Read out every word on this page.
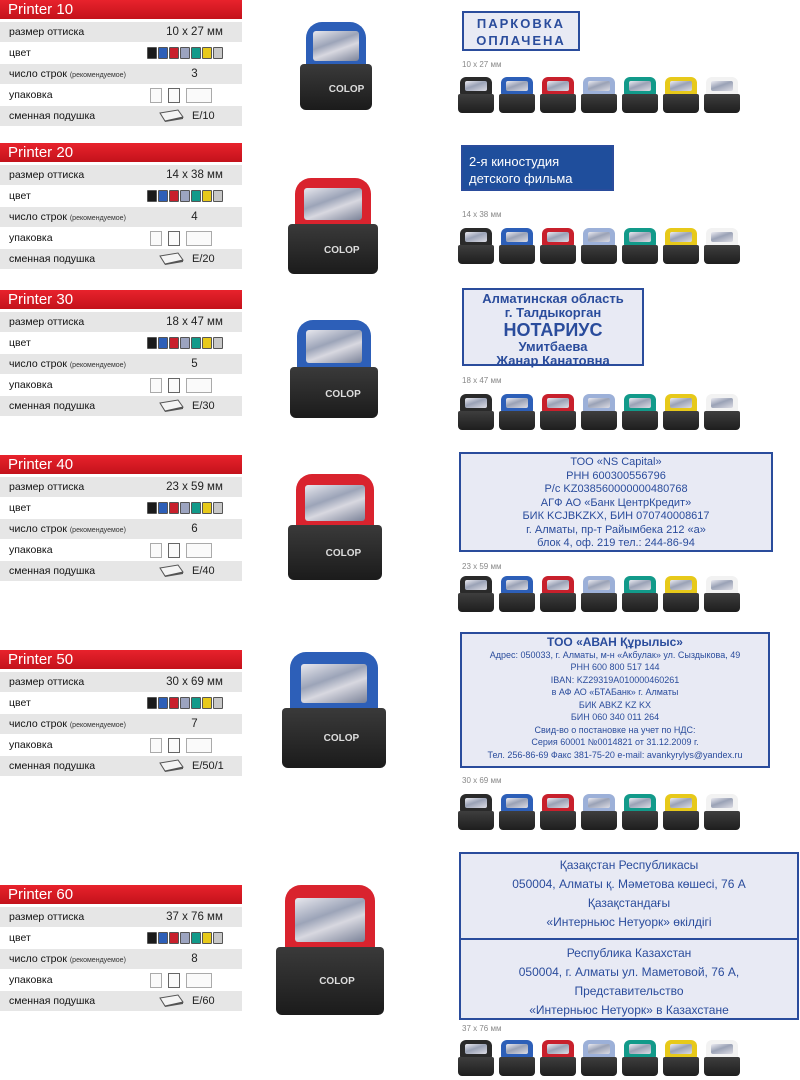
Printer 10
размер оттиска	10 x 27 мм
цвет
число строк (рекомендуемое)	3
упаковка
сменная подушка	E/10
COLOP
ПАРКОВКА
ОПЛАЧЕНА
10 x 27 мм
Printer 20
размер оттиска	14 x 38 мм
цвет
число строк (рекомендуемое)	4
упаковка
сменная подушка	E/20
COLOP
2-я киностудия
детского фильма
14 x 38 мм
Printer 30
размер оттиска	18 x 47 мм
цвет
число строк (рекомендуемое)	5
упаковка
сменная подушка	E/30
COLOP
Алматинская область
г. Талдыкорган
НОТАРИУС
Умитбаева
Жанар Канатовна
18 x 47 мм
Printer 40
размер оттиска	23 x 59 мм
цвет
число строк (рекомендуемое)	6
упаковка
сменная подушка	E/40
COLOP
ТОО «NS Capital»
РНН 600300556796
Р/с KZ038560000000480768
АГФ АО «Банк ЦентрКредит»
БИК KCJBKZKX, БИН 070740008617
г. Алматы, пр-т Райымбека 212 «а»
блок 4, оф. 219 тел.: 244-86-94
23 x 59 мм
Printer 50
размер оттиска	30 x 69 мм
цвет
число строк (рекомендуемое)	7
упаковка
сменная подушка	E/50/1
COLOP
ТОО «АВАН Құрылыс»
Адрес: 050033, г. Алматы, м-н «Акбулак» ул. Сыздыкова, 49
РНН 600 800 517 144
IBAN: KZ29319A010000460261
в АФ АО «БТАБанк» г. Алматы
БИК ABKZ KZ KX
БИН 060 340 011 264
Свид-во о постановке на учет по НДС:
Серия 60001 №0014821 от 31.12.2009 г.
Тел. 256-86-69 Факс 381-75-20 e-mail: avankyrylys@yandex.ru
30 x 69 мм
Printer 60
размер оттиска	37 x 76 мм
цвет
число строк (рекомендуемое)	8
упаковка
сменная подушка	E/60
COLOP
Қазақстан Республикасы
050004, Алматы қ. Мәметова көшесі, 76 А
Қазақстандағы
«Интерньюс Нетуорк» өкілдігі
Республика Казахстан
050004, г. Алматы ул. Маметовой, 76 А,
Представительство
«Интерньюс Нетуорк» в Казахстане
37 x 76 мм
